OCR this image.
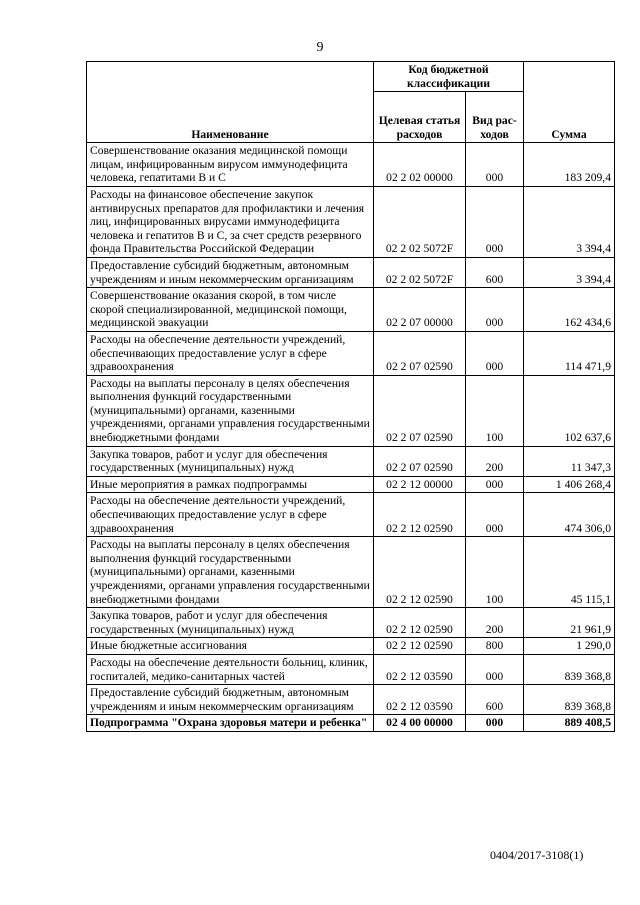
9
Наименование	Код бюджетной классификации		Сумма
	Целевая статья расходов	Вид рас- ходов	
Совершенствование оказания медицинской помощи лицам, инфицированным вирусом иммунодефицита человека, гепатитами В и С	02 2 02 00000	000	183 209,4
Расходы на финансовое обеспечение закупок антивирусных препаратов для профилактики и лечения лиц, инфицированных вирусами иммунодефицита человека и гепатитов В и С, за счет средств резервного фонда Правительства Российской Федерации	02 2 02 5072F	000	3 394,4
Предоставление субсидий бюджетным, автономным учреждениям и иным некоммерческим организациям	02 2 02 5072F	600	3 394,4
Совершенствование оказания скорой, в том числе скорой специализированной, медицинской помощи, медицинской эвакуации	02 2 07 00000	000	162 434,6
Расходы на обеспечение деятельности учреждений, обеспечивающих предоставление услуг в сфере здравоохранения	02 2 07 02590	000	114 471,9
Расходы на выплаты персоналу в целях обеспечения выполнения функций государственными (муниципальными) органами, казенными учреждениями, органами управления государственными внебюджетными фондами	02 2 07 02590	100	102 637,6
Закупка товаров, работ и услуг для обеспечения государственных (муниципальных) нужд	02 2 07 02590	200	11 347,3
Иные мероприятия в рамках подпрограммы	02 2 12 00000	000	1 406 268,4
Расходы на обеспечение деятельности учреждений, обеспечивающих предоставление услуг в сфере здравоохранения	02 2 12 02590	000	474 306,0
Расходы на выплаты персоналу в целях обеспечения выполнения функций государственными (муниципальными) органами, казенными учреждениями, органами управления государственными внебюджетными фондами	02 2 12 02590	100	45 115,1
Закупка товаров, работ и услуг для обеспечения государственных (муниципальных) нужд	02 2 12 02590	200	21 961,9
Иные бюджетные ассигнования	02 2 12 02590	800	1 290,0
Расходы на обеспечение деятельности больниц, клиник, госпиталей, медико-санитарных частей	02 2 12 03590	000	839 368,8
Предоставление субсидий бюджетным, автономным учреждениям и иным некоммерческим организациям	02 2 12 03590	600	839 368,8
Подпрограмма "Охрана здоровья матери и ребенка"	02 4 00 00000	000	889 408,5
0404/2017-3108(1)
